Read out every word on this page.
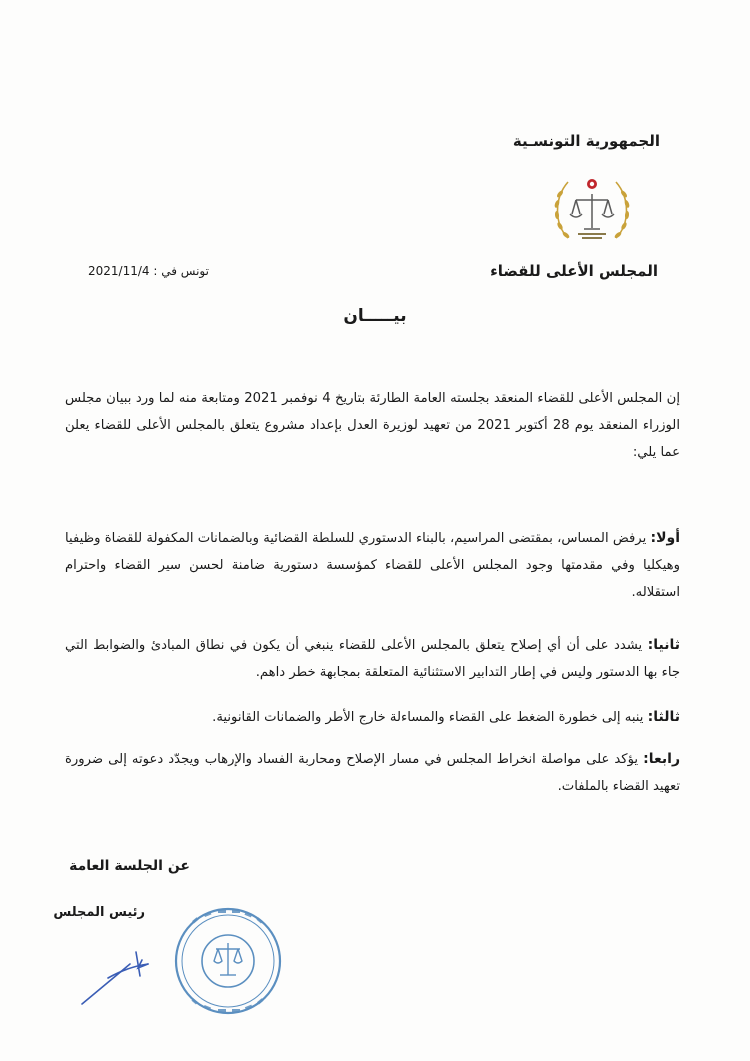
الجمهورية التونسـية
المجلس الأعلى للقضاء
تونس في : 2021/11/4
بيـــــان
إن المجلس الأعلى للقضاء المنعقد بجلسته العامة الطارئة بتاريخ 4 نوفمبر 2021 ومتابعة منه لما ورد ببيان مجلس الوزراء المنعقد يوم 28 أكتوبر 2021 من تعهيد لوزيرة العدل بإعداد مشروع يتعلق بالمجلس الأعلى للقضاء يعلن عما يلي:
أولا: يرفض المساس، بمقتضى المراسيم، بالبناء الدستوري للسلطة القضائية وبالضمانات المكفولة للقضاة وظيفيا وهيكليا وفي مقدمتها وجود المجلس الأعلى للقضاء كمؤسسة دستورية ضامنة لحسن سير القضاء واحترام استقلاله.
ثانيا: يشدد على أن أي إصلاح يتعلق بالمجلس الأعلى للقضاء ينبغي أن يكون في نطاق المبادئ والضوابط التي جاء بها الدستور وليس في إطار التدابير الاستثنائية المتعلقة بمجابهة خطر داهم.
ثالثا: ينبه إلى خطورة الضغط على القضاء والمساءلة خارج الأطر والضمانات القانونية.
رابعا: يؤكد على مواصلة انخراط المجلس في مسار الإصلاح ومحاربة الفساد والإرهاب ويجدّد دعوته إلى ضرورة تعهيد القضاء بالملفات.
عن الجلسة العامة
رئيس المجلس
